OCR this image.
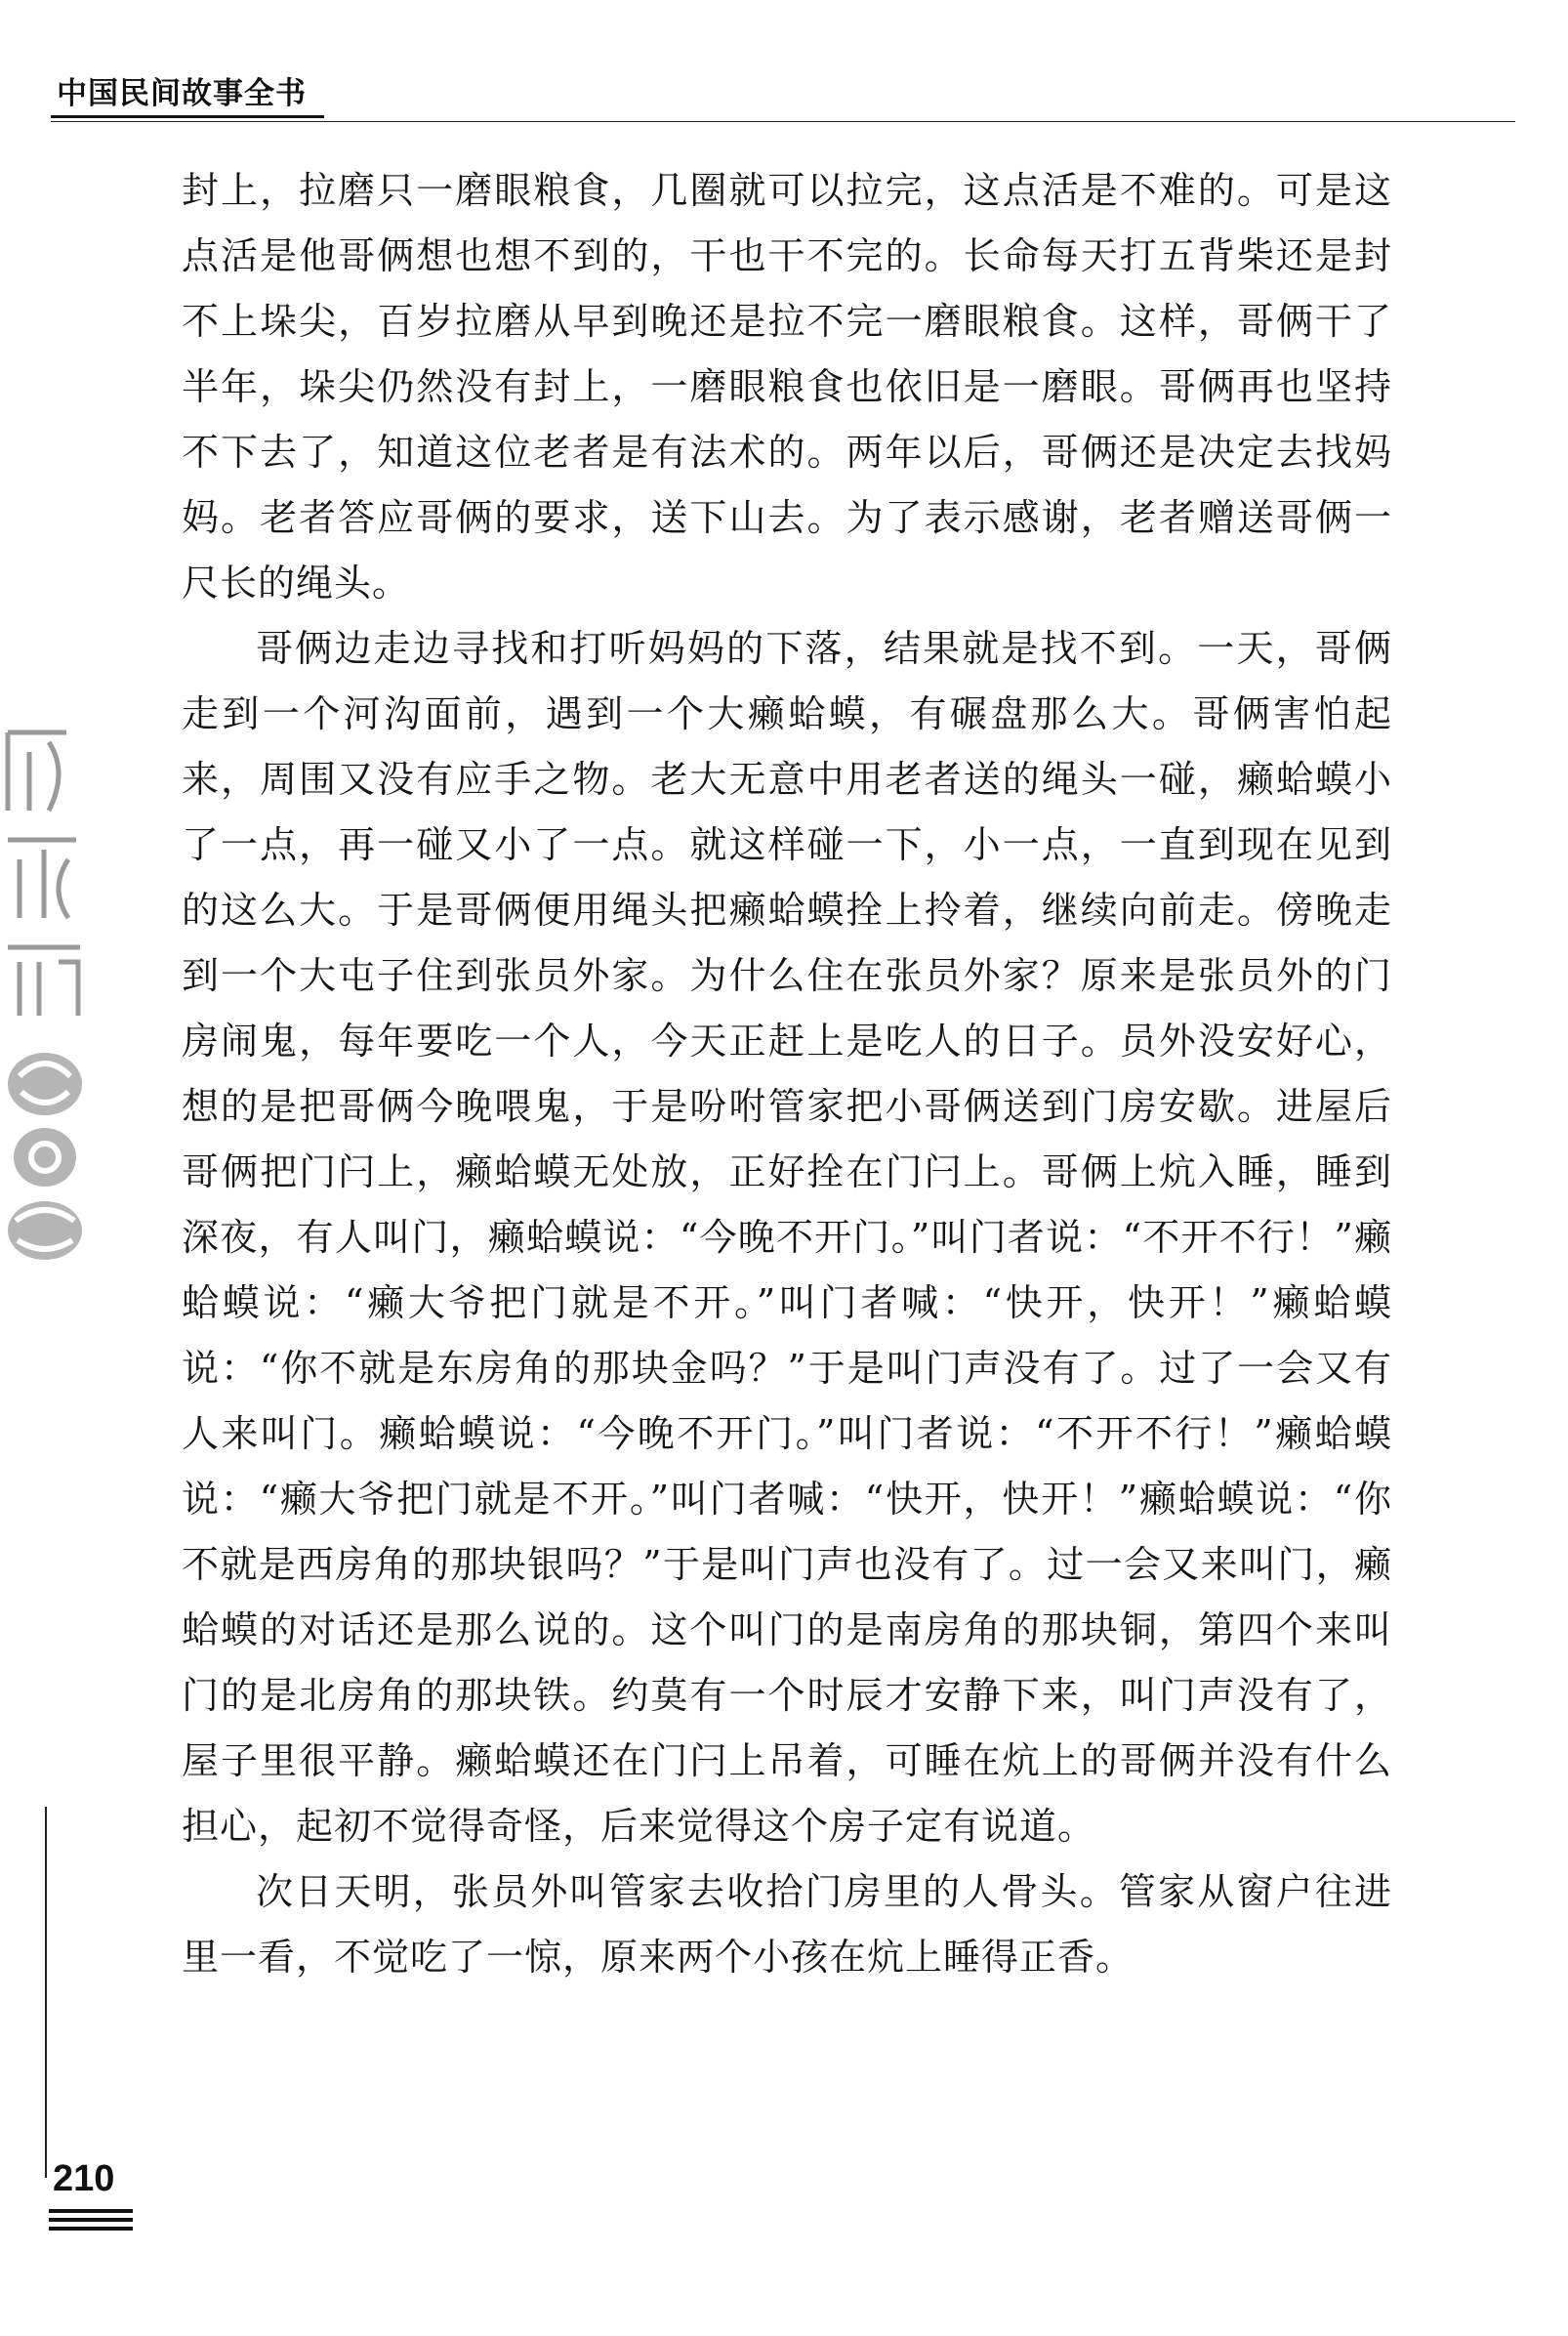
中国民间故事全书

封上，拉磨只一磨眼粮食，几圈就可以拉完，这点活是不难的。可是这点活是他哥俩想也想不到的，干也干不完的。长命每天打五背柴还是封不上垛尖，百岁拉磨从早到晚还是拉不完一磨眼粮食。这样，哥俩干了半年，垛尖仍然没有封上，一磨眼粮食也依旧是一磨眼。哥俩再也坚持不下去了，知道这位老者是有法术的。两年以后，哥俩还是决定去找妈妈。老者答应哥俩的要求，送下山去。为了表示感谢，老者赠送哥俩一尺长的绳头。

哥俩边走边寻找和打听妈妈的下落，结果就是找不到。一天，哥俩走到一个河沟面前，遇到一个大癞蛤蟆，有碾盘那么大。哥俩害怕起来，周围又没有应手之物。老大无意中用老者送的绳头一碰，癞蛤蟆小了一点，再一碰又小了一点。就这样碰一下，小一点，一直到现在见到的这么大。于是哥俩便用绳头把癞蛤蟆拴上拎着，继续向前走。傍晚走到一个大屯子住到张员外家。为什么住在张员外家？原来是张员外的门房闹鬼，每年要吃一个人，今天正赶上是吃人的日子。员外没安好心，想的是把哥俩今晚喂鬼，于是吩咐管家把小哥俩送到门房安歇。进屋后哥俩把门闩上，癞蛤蟆无处放，正好拴在门闩上。哥俩上炕入睡，睡到深夜，有人叫门，癞蛤蟆说：“今晚不开门。”叫门者说：“不开不行！”癞蛤蟆说：“癞大爷把门就是不开。”叫门者喊：“快开，快开！”癞蛤蟆说：“你不就是东房角的那块金吗？”于是叫门声没有了。过了一会又有人来叫门。癞蛤蟆说：“今晚不开门。”叫门者说：“不开不行！”癞蛤蟆说：“癞大爷把门就是不开。”叫门者喊：“快开，快开！”癞蛤蟆说：“你不就是西房角的那块银吗？”于是叫门声也没有了。过一会又来叫门，癞蛤蟆的对话还是那么说的。这个叫门的是南房角的那块铜，第四个来叫门的是北房角的那块铁。约莫有一个时辰才安静下来，叫门声没有了，屋子里很平静。癞蛤蟆还在门闩上吊着，可睡在炕上的哥俩并没有什么担心，起初不觉得奇怪，后来觉得这个房子定有说道。

次日天明，张员外叫管家去收拾门房里的人骨头。管家从窗户往进里一看，不觉吃了一惊，原来两个小孩在炕上睡得正香。

210
